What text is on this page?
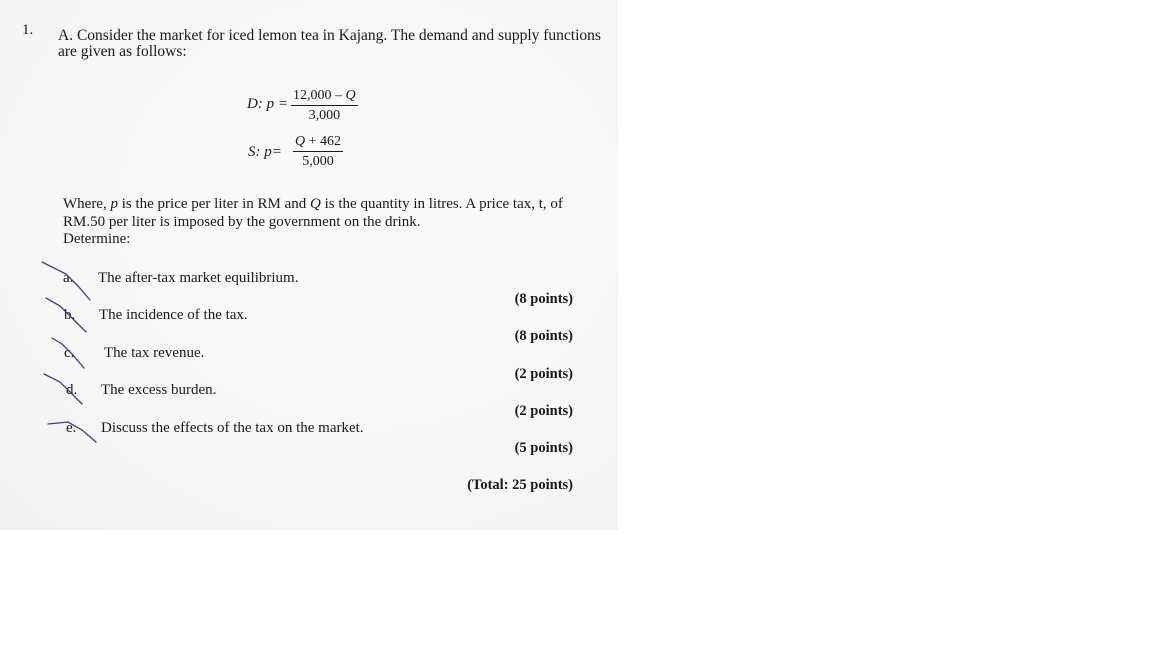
1. A. Consider the market for iced lemon tea in Kajang. The demand and supply functions
are given as follows:
D: $p = \frac{12,000 - Q}{3,000}$
S: $p= \frac{Q + 462}{5,000}$
Where, p is the price per liter in RM and Q is the quantity in litres. A price tax, t, of
RM.50 per liter is imposed by the government on the drink.
Determine:
a. The after-tax market equilibrium.
(8 points)
b. The incidence of the tax.
(8 points)
c. The tax revenue.
(2 points)
d. The excess burden.
(2 points)
e. Discuss the effects of the tax on the market.
(5 points)
(Total: 25 points)
